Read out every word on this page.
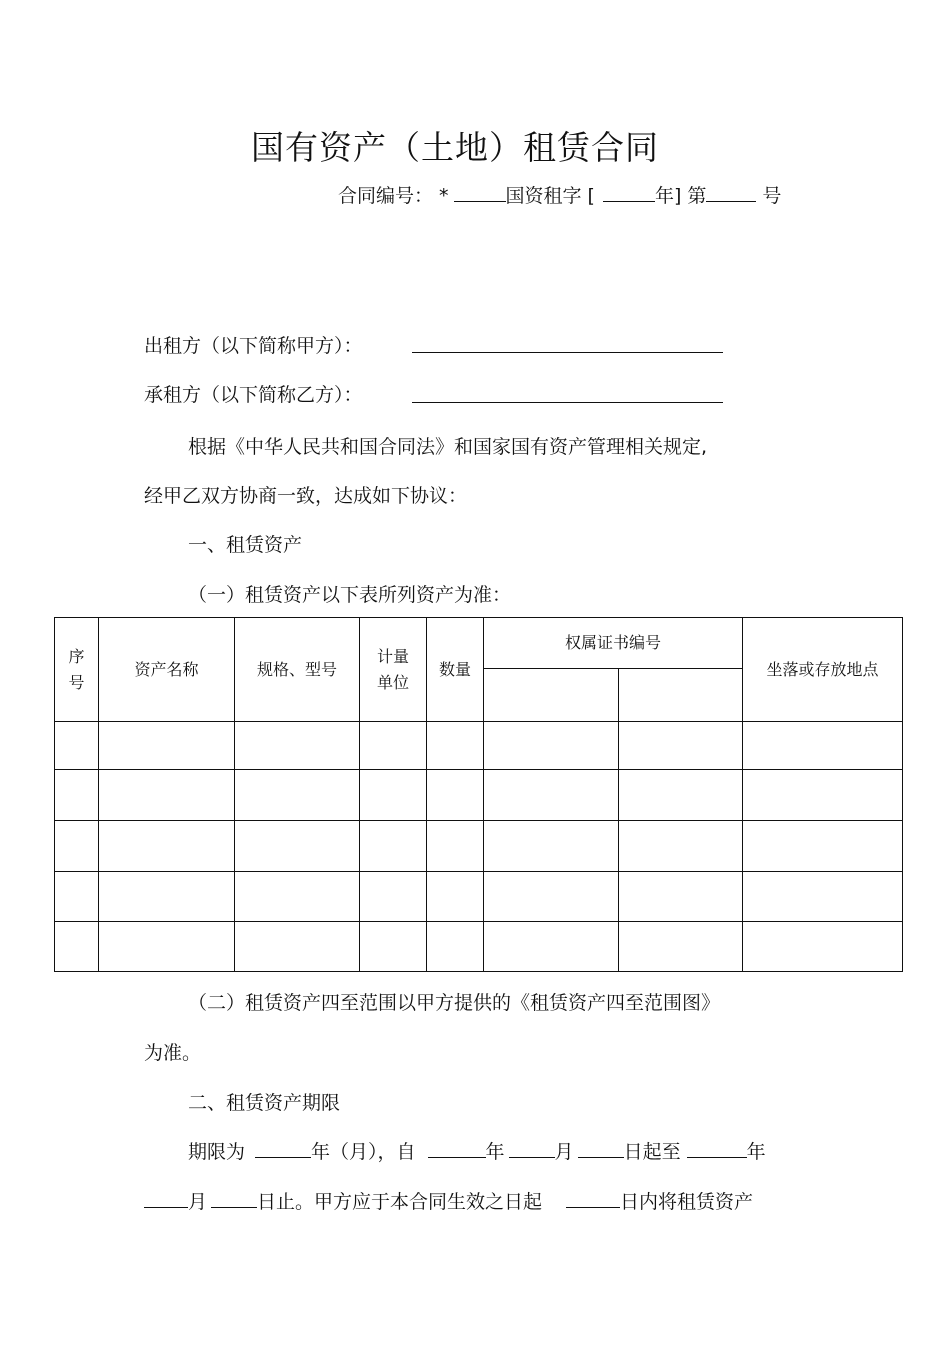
国有资产（土地）租赁合同
合同编号： *	国资租字 [	年] 第	号
出租方（以下简称甲方）：
承租方（以下简称乙方）：
根据《中华人民共和国合同法》和国家国有资产管理相关规定,
经甲乙双方协商一致，达成如下协议：
一、租赁资产
（一）租赁资产以下表所列资产为准：
序号	资产名称	规格、型号	计量单位	数量	权属证书编号		坐落或存放地点

（二）租赁资产四至范围以甲方提供的《租赁资产四至范围图》
为准。
二、租赁资产期限
期限为	年（月），自	年	月	日起至	年
月	日止。甲方应于本合同生效之日起	日内将租赁资产
